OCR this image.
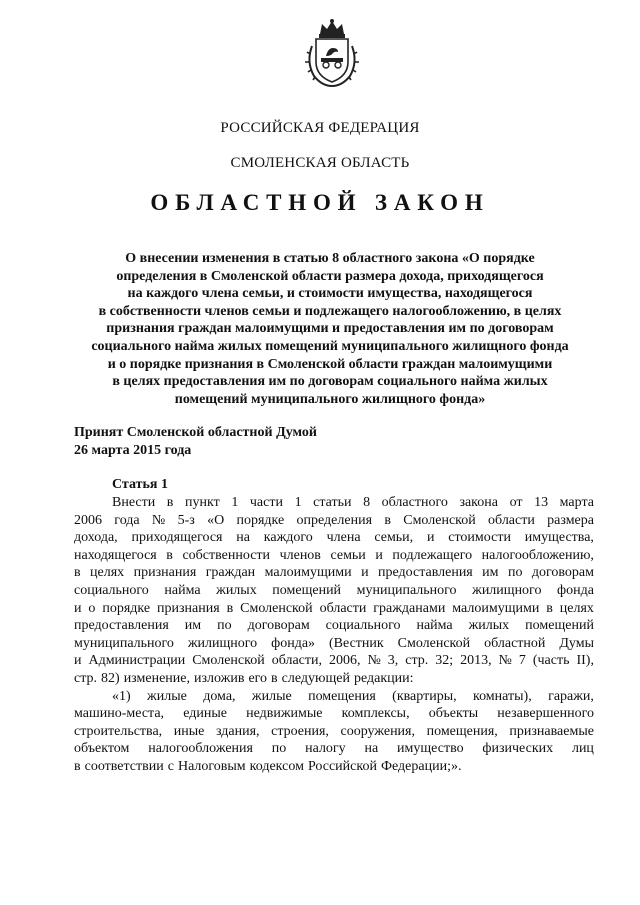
РОССИЙСКАЯ ФЕДЕРАЦИЯ
СМОЛЕНСКАЯ ОБЛАСТЬ
ОБЛАСТНОЙ ЗАКОН
О внесении изменения в статью 8 областного закона «О порядке
определения в Смоленской области размера дохода, приходящегося
на каждого члена семьи, и стоимости имущества, находящегося
в собственности членов семьи и подлежащего налогообложению, в целях
признания граждан малоимущими и предоставления им по договорам
социального найма жилых помещений муниципального жилищного фонда
и о порядке признания в Смоленской области граждан малоимущими
в целях предоставления им по договорам социального найма жилых
помещений муниципального жилищного фонда»
Принят Смоленской областной Думой
26 марта 2015 года
Статья 1
Внести в пункт 1 части 1 статьи 8 областного закона от 13 марта
2006 года № 5-з «О порядке определения в Смоленской области размера
дохода, приходящегося на каждого члена семьи, и стоимости имущества,
находящегося в собственности членов семьи и подлежащего налогообложению,
в целях признания граждан малоимущими и предоставления им по договорам
социального найма жилых помещений муниципального жилищного фонда
и о порядке признания в Смоленской области гражданами малоимущими в целях
предоставления им по договорам социального найма жилых помещений
муниципального жилищного фонда» (Вестник Смоленской областной Думы
и Администрации Смоленской области, 2006, № 3, стр. 32; 2013, № 7 (часть II),
стр. 82) изменение, изложив его в следующей редакции:
«1) жилые дома, жилые помещения (квартиры, комнаты), гаражи,
машино-места, единые недвижимые комплексы, объекты незавершенного
строительства, иные здания, строения, сооружения, помещения, признаваемые
объектом налогообложения по налогу на имущество физических лиц
в соответствии с Налоговым кодексом Российской Федерации;».
